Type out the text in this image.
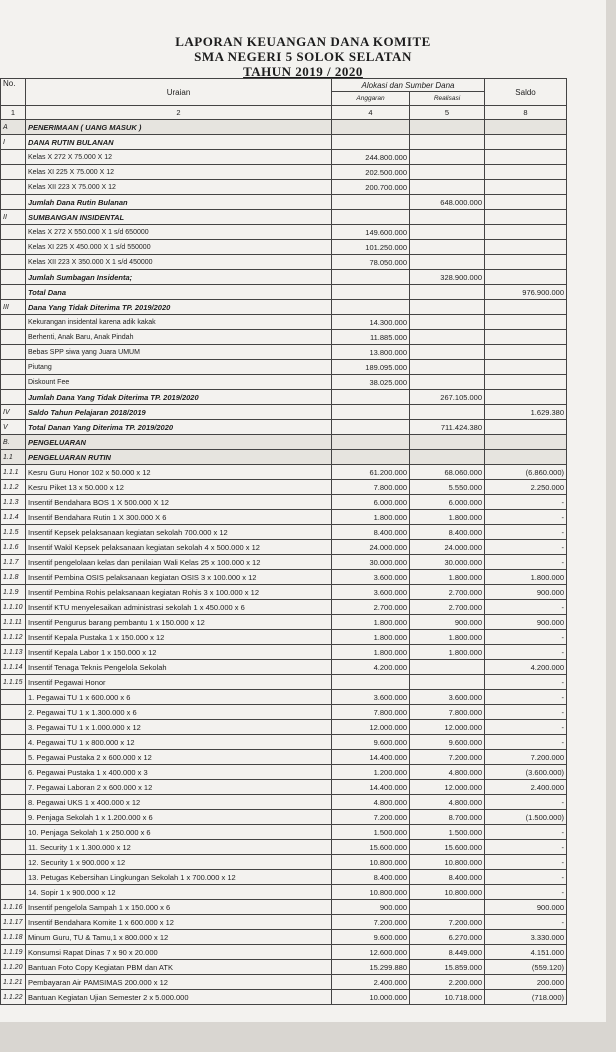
LAPORAN KEUANGAN DANA KOMITE
SMA NEGERI 5 SOLOK SELATAN
TAHUN 2019 / 2020
No.	Uraian	Alokasi dan Sumber Dana		Saldo
		Anggaran	Realisasi	
1	2	4	5	8
A	PENERIMAAN ( UANG MASUK )			
I	DANA RUTIN BULANAN			
	Kelas X 272 X 75.000 X 12	244.800.000		
	Kelas XI 225 X 75.000 X 12	202.500.000		
	Kelas XII 223 X 75.000 X 12	200.700.000		
	Jumlah Dana Rutin Bulanan		648.000.000	
II	SUMBANGAN INSIDENTAL			
	Kelas X 272 X 550.000 X 1 s/d 650000	149.600.000		
	Kelas XI 225 X 450.000 X 1 s/d 550000	101.250.000		
	Kelas XII 223 X 350.000 X 1 s/d 450000	78.050.000		
	Jumlah Sumbagan Insidenta;		328.900.000	
	Total Dana			976.900.000
III	Dana Yang Tidak Diterima TP. 2019/2020			
	Kekurangan insidental karena adik kakak	14.300.000		
	Berhenti, Anak Baru, Anak Pindah	11.885.000		
	Bebas SPP siwa yang Juara UMUM	13.800.000		
	Piutang	189.095.000		
	Diskount Fee	38.025.000		
	Jumlah Dana Yang Tidak Diterima TP. 2019/2020		267.105.000	
IV	Saldo Tahun Pelajaran 2018/2019			1.629.380
V	Total Danan Yang Diterima TP. 2019/2020		711.424.380	
B.	PENGELUARAN			
1.1	PENGELUARAN RUTIN			
1.1.1	Kesru Guru Honor 102 x 50.000 x 12	61.200.000	68.060.000	(6.860.000)
1.1.2	Kesru Piket 13 x 50.000 x 12	7.800.000	5.550.000	2.250.000
1.1.3	Insentif Bendahara BOS 1 X 500.000 X 12	6.000.000	6.000.000	-
1.1.4	Insentif Bendahara Rutin 1 X 300.000 X 6	1.800.000	1.800.000	-
1.1.5	Insentif Kepsek pelaksanaan kegiatan sekolah 700.000 x 12	8.400.000	8.400.000	-
1.1.6	Insentif Wakil Kepsek pelaksanaan kegiatan sekolah 4 x 500.000 x 12	24.000.000	24.000.000	-
1.1.7	Insentif pengelolaan kelas dan penilaian Wali Kelas 25 x 100.000 x 12	30.000.000	30.000.000	-
1.1.8	Insentif Pembina OSIS pelaksanaan kegiatan OSIS 3 x 100.000 x 12	3.600.000	1.800.000	1.800.000
1.1.9	Insentif Pembina Rohis pelaksanaan kegiatan Rohis 3 x 100.000 x 12	3.600.000	2.700.000	900.000
1.1.10	Insentif KTU menyelesaikan administrasi sekolah 1 x 450.000 x 6	2.700.000	2.700.000	-
1.1.11	Insentif Pengurus barang pembantu 1 x 150.000 x 12	1.800.000	900.000	900.000
1.1.12	Insentif Kepala Pustaka 1 x 150.000 x 12	1.800.000	1.800.000	-
1.1.13	Insentif Kepala Labor 1 x 150.000 x 12	1.800.000	1.800.000	-
1.1.14	Insentif Tenaga Teknis Pengelola Sekolah	4.200.000		4.200.000
1.1.15	Insentif Pegawai Honor			-
	1. Pegawai TU 1 x 600.000 x 6	3.600.000	3.600.000	-
	2. Pegawai TU 1 x 1.300.000 x 6	7.800.000	7.800.000	-
	3. Pegawai TU 1 x 1.000.000 x 12	12.000.000	12.000.000	-
	4. Pegawai TU 1 x 800.000 x 12	9.600.000	9.600.000	-
	5. Pegawai Pustaka 2 x 600.000 x 12	14.400.000	7.200.000	7.200.000
	6. Pegawai Pustaka 1 x 400.000 x 3	1.200.000	4.800.000	(3.600.000)
	7. Pegawai Laboran 2 x 600.000 x 12	14.400.000	12.000.000	2.400.000
	8. Pegawai UKS 1 x 400.000 x 12	4.800.000	4.800.000	-
	9. Penjaga Sekolah 1 x 1.200.000 x 6	7.200.000	8.700.000	(1.500.000)
	10. Penjaga Sekolah 1 x 250.000 x 6	1.500.000	1.500.000	-
	11. Security 1 x 1.300.000 x 12	15.600.000	15.600.000	-
	12. Security 1 x 900.000 x 12	10.800.000	10.800.000	-
	13. Petugas Kebersihan Lingkungan Sekolah 1 x 700.000 x 12	8.400.000	8.400.000	-
	14. Sopir 1 x 900.000 x 12	10.800.000	10.800.000	-
1.1.16	Insentif pengelola Sampah 1 x 150.000 x 6	900.000		900.000
1.1.17	Insentif Bendahara Komite 1 x 600.000 x 12	7.200.000	7.200.000	-
1.1.18	Minum Guru, TU & Tamu,1 x 800.000 x 12	9.600.000	6.270.000	3.330.000
1.1.19	Konsumsi Rapat Dinas 7 x 90 x 20.000	12.600.000	8.449.000	4.151.000
1.1.20	Bantuan Foto Copy Kegiatan PBM dan ATK	15.299.880	15.859.000	(559.120)
1.1.21	Pembayaran Air PAMSIMAS 200.000 x 12	2.400.000	2.200.000	200.000
1.1.22	Bantuan Kegiatan Ujian Semester 2 x 5.000.000	10.000.000	10.718.000	(718.000)
